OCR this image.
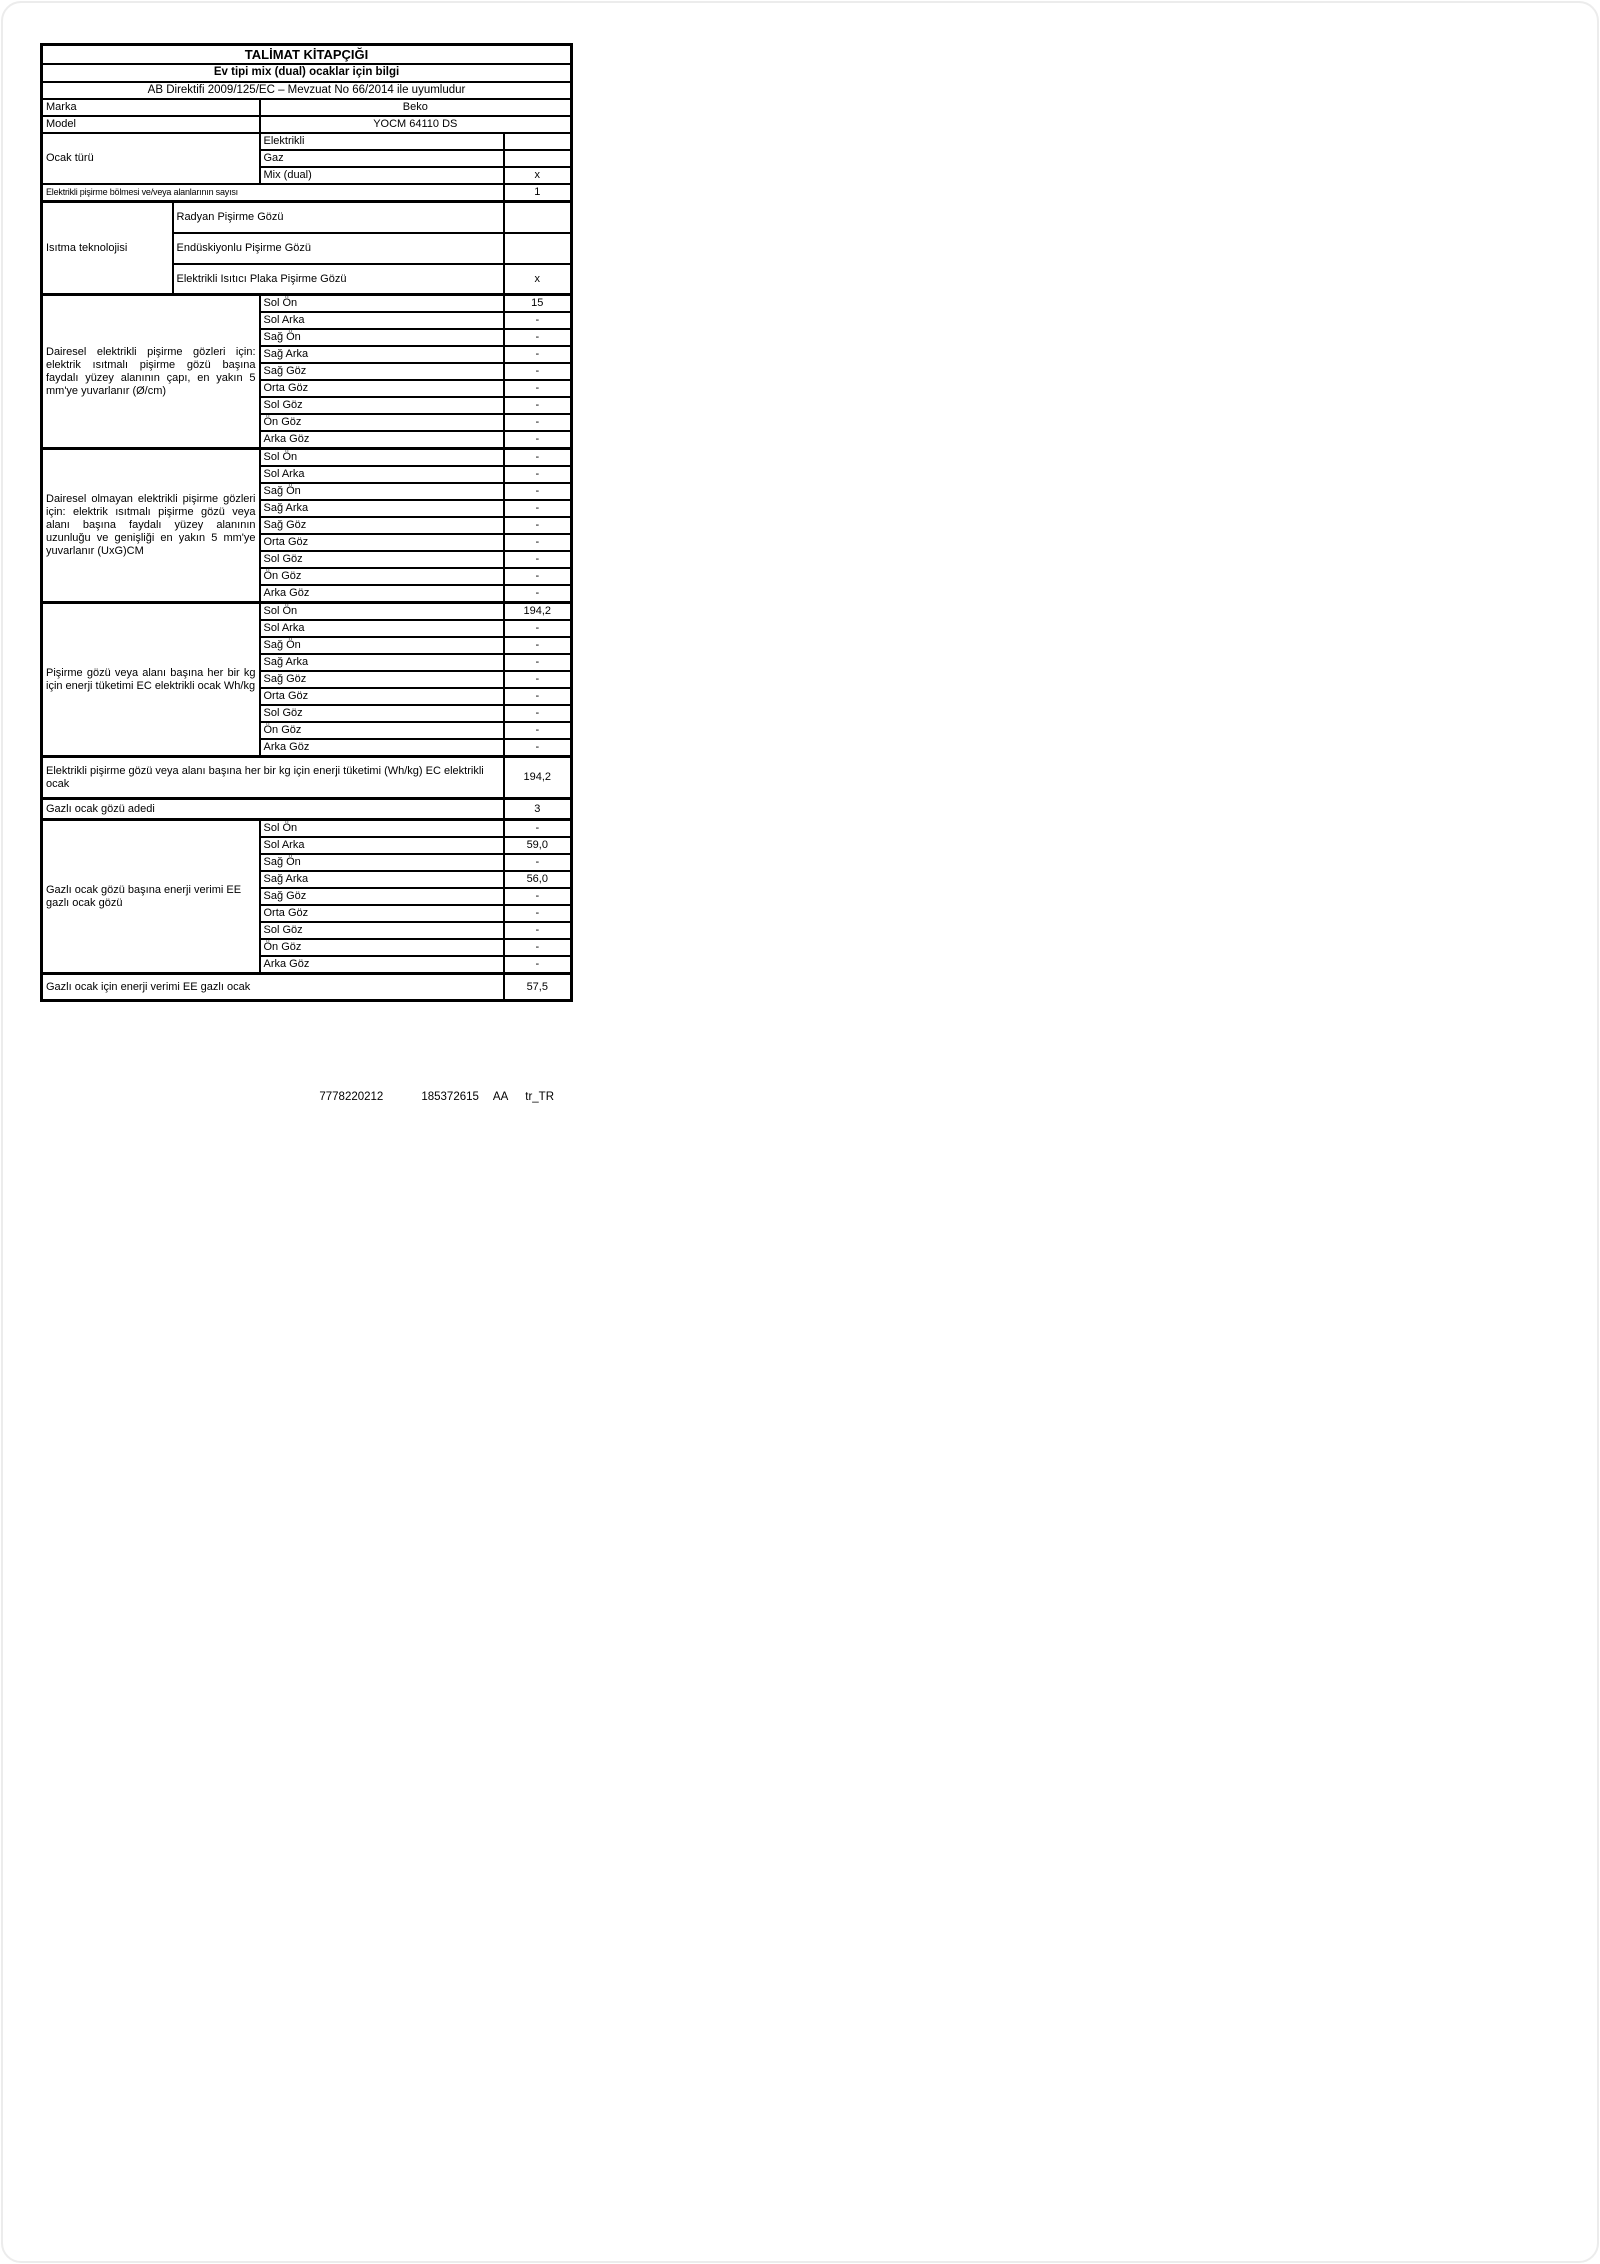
TALİMAT KİTAPÇIĞI			
Ev tipi mix (dual) ocaklar için bilgi			
AB Direktifi 2009/125/EC – Mevzuat No 66/2014 ile uyumludur			
Marka		Beko	
Model		YOCM 64110 DS	
Ocak türü		Elektrikli	
		Gaz	
		Mix (dual)	x
Elektrikli pişirme bölmesi ve/veya alanlarının sayısı			1
Isıtma teknolojisi	Radyan Pişirme Gözü		
	Endüskiyonlu Pişirme Gözü		
	Elektrikli Isıtıcı Plaka Pişirme Gözü		x
Dairesel elektrikli pişirme gözleri için: elektrik ısıtmalı pişirme gözü başına faydalı yüzey alanının çapı, en yakın 5 mm'ye yuvarlanır (Ø/cm)		Sol Ön	15
		Sol Arka	-
		Sağ Ön	-
		Sağ Arka	-
		Sağ Göz	-
		Orta Göz	-
		Sol Göz	-
		Ön Göz	-
		Arka Göz	-
Dairesel olmayan elektrikli pişirme gözleri için: elektrik ısıtmalı pişirme gözü veya alanı başına faydalı yüzey alanının uzunluğu ve genişliği en yakın 5 mm'ye yuvarlanır (UxG)CM		Sol Ön	-
		Sol Arka	-
		Sağ Ön	-
		Sağ Arka	-
		Sağ Göz	-
		Orta Göz	-
		Sol Göz	-
		Ön Göz	-
		Arka Göz	-
Pişirme gözü veya alanı başına her bir kg için enerji tüketimi EC elektrikli ocak Wh/kg		Sol Ön	194,2
		Sol Arka	-
		Sağ Ön	-
		Sağ Arka	-
		Sağ Göz	-
		Orta Göz	-
		Sol Göz	-
		Ön Göz	-
		Arka Göz	-
Elektrikli pişirme gözü veya alanı başına her bir kg için enerji tüketimi (Wh/kg) EC elektrikli ocak			194,2
Gazlı ocak gözü adedi			3
Gazlı ocak gözü başına enerji verimi EE gazlı ocak gözü		Sol Ön	-
		Sol Arka	59,0
		Sağ Ön	-
		Sağ Arka	56,0
		Sağ Göz	-
		Orta Göz	-
		Sol Göz	-
		Ön Göz	-
		Arka Göz	-
Gazlı ocak için enerji verimi EE gazlı ocak			57,5
7778220212	185372615 AA tr_TR
